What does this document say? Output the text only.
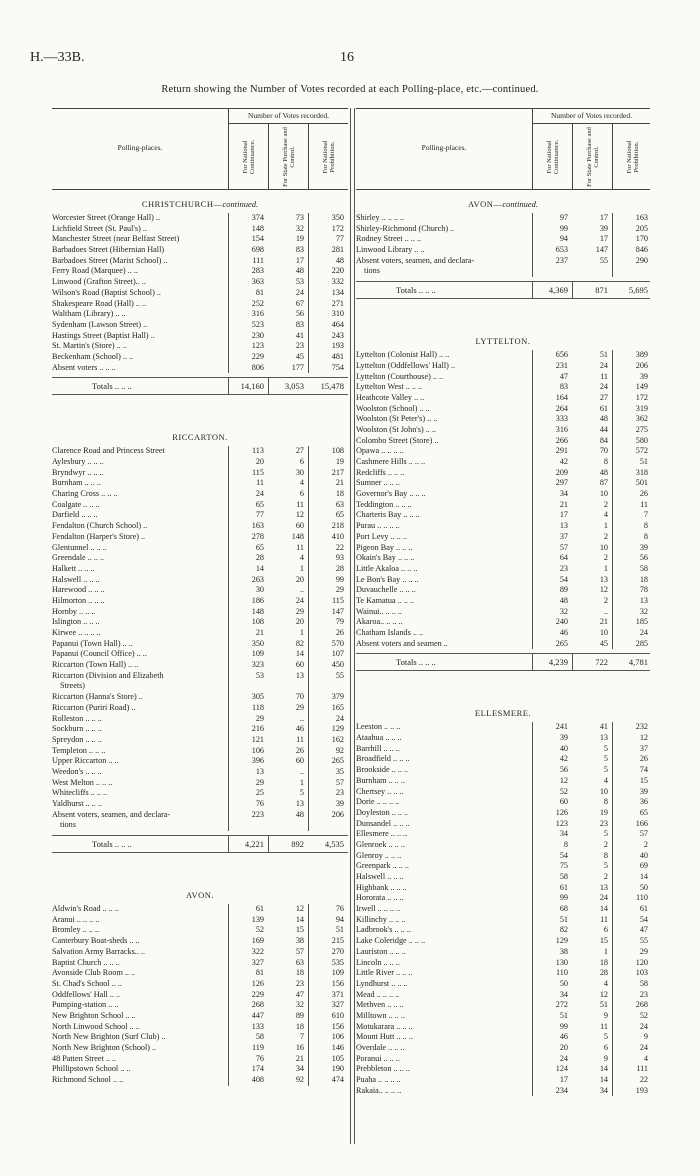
H.—33B.	16
Return showing the Number of Votes recorded at each Polling-place, etc.—continued.
Polling-places.
Number of Votes recorded.
For National Continuance.	For State Purchase and Control.	For National Prohibition.
CHRISTCHURCH—continued.
Worcester Street (Orange Hall) ..	374	73	350
Lichfield Street (St. Paul's) ..	148	32	172
Manchester Street (near Belfast Street)	154	19	77
Barbadoes Street (Hibernian Hall)	698	83	281
Barbadoes Street (Marist School) ..	111	17	48
Ferry Road (Marquee) .. ..	283	48	220
Linwood (Grafton Street).. ..	363	53	332
Wilson's Road (Baptist School) ..	81	24	134
Shakespeare Road (Hall) .. ..	252	67	271
Waltham (Library) .. ..	316	56	310
Sydenham (Lawson Street) ..	523	83	464
Hastings Street (Baptist Hall) ..	230	41	243
St. Martin's (Store) .. ..	123	23	193
Beckenham (School) .. ..	229	45	481
Absent voters .. .. ..	806	177	754
Totals .. .. ..	14,160	3,053	15,478
RICCARTON.
Clarence Road and Princess Street	113	27	108
Aylesbury .. .. ..	20	6	19
Bryndwyr .. .. ..	115	30	217
Burnham .. .. ..	11	4	21
Charing Cross .. .. ..	24	6	18
Coalgate .. .. ..	65	11	63
Darfield .. .. ..	77	12	65
Fendalton (Church School) ..	163	60	218
Fendalton (Harper's Store) ..	278	148	410
Glentunnel .. .. ..	65	11	22
Greendale .. .. ..	28	4	93
Halkett .. .. ..	14	1	28
Halswell .. .. ..	263	20	99
Harewood .. .. ..	30	..	29
Hilmorton .. .. ..	186	24	115
Hornby .. .. ..	148	29	147
Islington .. .. ..	108	20	79
Kirwee .. .. .. ..	21	1	26
Papanui (Town Hall) .. ..	350	82	570
Papanui (Council Office) .. ..	109	14	107
Riccarton (Town Hall) .. ..	323	60	450
Riccarton (Division and Elizabeth	53	13	55
Streets)
Riccarton (Hanna's Store) ..	305	70	379
Riccarton (Puriri Road) ..	118	29	165
Rolleston .. .. ..	29	..	24
Sockburn .. .. ..	216	46	129
Spreydon .. .. ..	121	11	162
Templeton .. .. ..	106	26	92
Upper Riccarton .. ..	396	60	265
Weedon's .. .. ..	13	..	35
West Melton .. .. ..	29	1	57
Whitecliffs .. .. ..	25	5	23
Yaldhurst .. .. ..	76	13	39
Absent voters, seamen, and declara-	223	48	206
tions
Totals .. .. ..	4,221	892	4,535
AVON.
Aldwin's Road .. .. ..	61	12	76
Aranui .. .. .. ..	139	14	94
Bromley .. .. ..	52	15	51
Canterbury Boat-sheds .. ..	169	38	215
Salvation Army Barracks.. ..	322	57	270
Baptist Church .. .. ..	327	63	535
Avonside Club Room .. ..	81	18	109
St. Chad's School .. ..	126	23	156
Oddfellows' Hall .. ..	229	47	371
Pumping-station .. ..	268	32	327
New Brighton School .. ..	447	89	610
North Linwood School .. ..	133	18	156
North New Brighton (Surf Club) ..	58	7	106
North New Brighton (School) ..	119	16	146
48 Patten Street .. ..	76	21	105
Phillipstown School .. ..	174	34	190
Richmond School .. ..	408	92	474
Polling-places.
Number of Votes recorded.
For National Continuance.	For State Purchase and Control.	For National Prohibition.
AVON—continued.
Shirley .. .. .. ..	97	17	163
Shirley-Richmond (Church) ..	99	39	205
Rodney Street .. .. ..	94	17	170
Linwood Library .. ..	653	147	846
Absent voters, seamen, and declara-	237	55	290
tions
Totals .. .. ..	4,369	871	5,695
LYTTELTON.
Lyttelton (Colonist Hall) .. ..	656	51	389
Lyttelton (Oddfellows' Hall) ..	231	24	206
Lyttelton (Courthouse) .. ..	47	11	39
Lyttelton West .. .. ..	83	24	149
Heathcote Valley .. ..	164	27	172
Woolston (School) .. ..	264	61	319
Woolston (St Peter's) .. ..	333	48	362
Woolston (St John's) .. ..	316	44	275
Colombo Street (Store) ..	266	84	580
Opawa .. .. .. ..	291	70	572
Cashmere Hills .. .. ..	42	8	51
Redcliffs .. .. ..	209	48	318
Sumner .. .. ..	297	87	501
Governor's Bay .. .. ..	34	10	26
Teddington .. .. ..	21	2	11
Charteris Bay .. .. ..	17	4	7
Purau .. .. .. ..	13	1	8
Port Levy .. .. ..	37	2	8
Pigeon Bay .. .. ..	57	10	39
Okain's Bay .. .. ..	64	2	56
Little Akaloa .. .. ..	23	1	58
Le Bon's Bay .. .. ..	54	13	18
Duvauchelle .. .. ..	89	12	78
Te Kamatua .. .. ..	48	2	13
Wainui.. .. .. ..	32	..	32
Akaroa.. .. .. ..	240	21	185
Chatham Islands .. ..	46	10	24
Absent voters and seamen ..	265	45	285
Totals .. .. ..	4,239	722	4,781
ELLESMERE.
Leeston .. .. ..	241	41	232
Ataahua .. .. ..	39	13	12
Barrhill .. .. ..	40	5	37
Broadfield .. .. ..	42	5	26
Brookside .. .. ..	56	5	74
Burnham .. .. ..	12	4	15
Chertsey .. .. ..	52	10	39
Dorie .. .. .. ..	60	8	36
Doyleston .. .. ..	126	19	65
Dunsandel .. .. ..	123	23	166
Ellesmere .. .. ..	34	5	57
Glenroek .. .. ..	8	2	2
Glenroy .. .. ..	54	8	40
Greenpark .. .. ..	75	5	69
Halswell .. .. ..	58	2	14
Highbank .. .. ..	61	13	50
Hororata .. .. ..	99	24	110
Irwell .. .. .. ..	68	14	61
Killinchy .. .. ..	51	11	54
Ladbrook's .. .. ..	82	6	47
Lake Coleridge .. .. ..	129	15	55
Lauriston .. .. ..	38	1	29
Lincoln .. .. ..	130	18	120
Little River .. .. ..	110	28	103
Lyndhurst .. .. ..	50	4	58
Mead .. .. .. ..	34	12	23
Methven .. .. ..	272	51	268
Milltown .. .. ..	51	9	52
Motukarara .. .. ..	99	11	24
Mount Hutt .. .. ..	46	5	9
Overdale .. .. ..	20	6	24
Poranui .. .. ..	24	9	4
Prebbleton .. .. ..	124	14	111
Puaha .. .. .. ..	17	14	22
Rakaia.. .. .. ..	234	34	193
